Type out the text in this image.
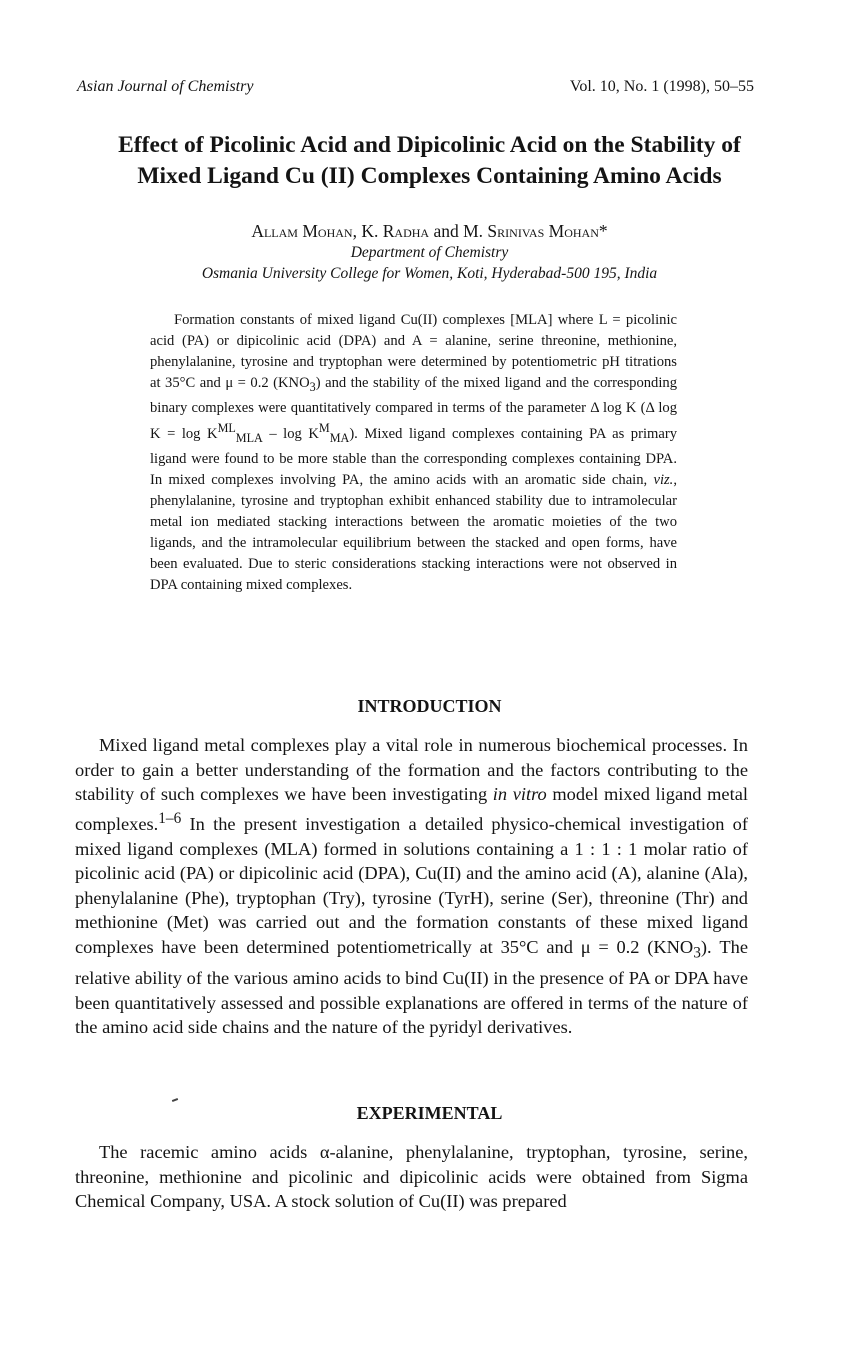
Asian Journal of Chemistry	Vol. 10, No. 1 (1998), 50–55
Effect of Picolinic Acid and Dipicolinic Acid on the Stability of
Mixed Ligand Cu (II) Complexes Containing Amino Acids
Allam Mohan, K. Radha and M. Srinivas Mohan*
Department of Chemistry
Osmania University College for Women, Koti, Hyderabad-500 195, India

Formation constants of mixed ligand Cu(II) complexes [MLA] where L = picolinic acid (PA) or dipicolinic acid (DPA) and A = alanine, serine threonine, methionine, phenylalanine, tyrosine and tryptophan were determined by potentiometric pH titrations at 35°C and μ = 0.2 $(KNO_3)$ and the stability of the mixed ligand and the corresponding binary complexes were quantitatively compared in terms of the parameter Δ log K (Δ $\log K = \log K^{ML}_{MLA} - \log K^M_{MA}$). Mixed ligand complexes containing PA as primary ligand were found to be more stable than the corresponding complexes containing DPA. In mixed complexes involving PA, the amino acids with an aromatic side chain, viz., phenylalanine, tyrosine and tryptophan exhibit enhanced stability due to intramolecular metal ion mediated stacking interactions between the aromatic moieties of the two ligands, and the intramolecular equilibrium between the stacked and open forms, have been evaluated. Due to steric considerations stacking interactions were not observed in DPA containing mixed complexes.

INTRODUCTION

Mixed ligand metal complexes play a vital role in numerous biochemical processes. In order to gain a better understanding of the formation and the factors contributing to the stability of such complexes we have been investigating in vitro model mixed ligand metal complexes.$^{1-6}$ In the present investigation a detailed physico-chemical investigation of mixed ligand complexes (MLA) formed in solutions containing a 1 : 1 : 1 molar ratio of picolinic acid (PA) or dipicolinic acid (DPA), Cu(II) and the amino acid (A), alanine (Ala), phenylalanine (Phe), tryptophan (Try), tyrosine (TyrH), serine (Ser), threonine (Thr) and methionine (Met) was carried out and the formation constants of these mixed ligand complexes have been determined potentiometrically at 35°C and μ = 0.2 $(KNO_3)$. The relative ability of the various amino acids to bind Cu(II) in the presence of PA or DPA have been quantitatively assessed and possible explanations are offered in terms of the nature of the amino acid side chains and the nature of the pyridyl derivatives.

EXPERIMENTAL

The racemic amino acids α-alanine, phenylalanine, tryptophan, tyrosine, serine, threonine, methionine and picolinic and dipicolinic acids were obtained from Sigma Chemical Company, USA. A stock solution of Cu(II) was prepared
